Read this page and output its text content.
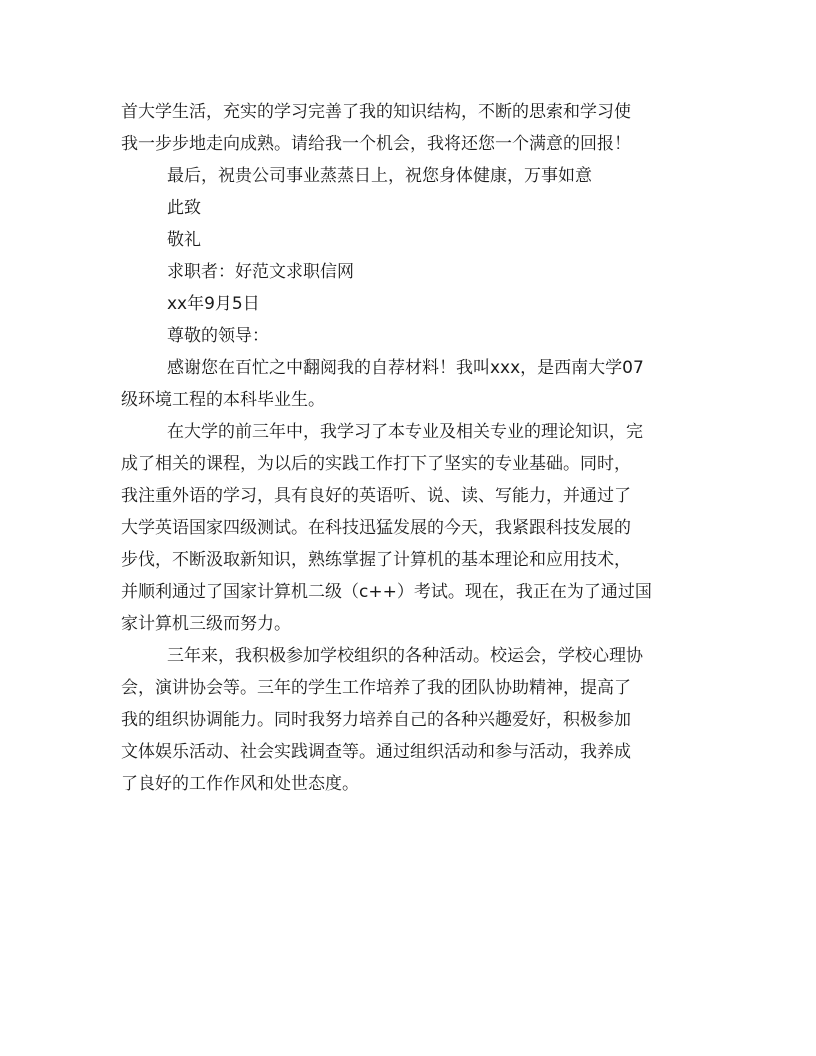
首大学生活，充实的学习完善了我的知识结构，不断的思索和学习使
我一步步地走向成熟。请给我一个机会，我将还您一个满意的回报！

最后，祝贵公司事业蒸蒸日上，祝您身体健康，万事如意

此致

敬礼

求职者：好范文求职信网

xx年9月5日

尊敬的领导：

感谢您在百忙之中翻阅我的自荐材料！我叫xxx，是西南大学07
级环境工程的本科毕业生。

在大学的前三年中，我学习了本专业及相关专业的理论知识，完
成了相关的课程，为以后的实践工作打下了坚实的专业基础。同时，
我注重外语的学习，具有良好的英语听、说、读、写能力，并通过了
大学英语国家四级测试。在科技迅猛发展的今天，我紧跟科技发展的
步伐，不断汲取新知识，熟练掌握了计算机的基本理论和应用技术，
并顺利通过了国家计算机二级（c++）考试。现在，我正在为了通过国
家计算机三级而努力。

三年来，我积极参加学校组织的各种活动。校运会，学校心理协
会，演讲协会等。三年的学生工作培养了我的团队协助精神，提高了
我的组织协调能力。同时我努力培养自己的各种兴趣爱好，积极参加
文体娱乐活动、社会实践调查等。通过组织活动和参与活动，我养成
了良好的工作作风和处世态度。
